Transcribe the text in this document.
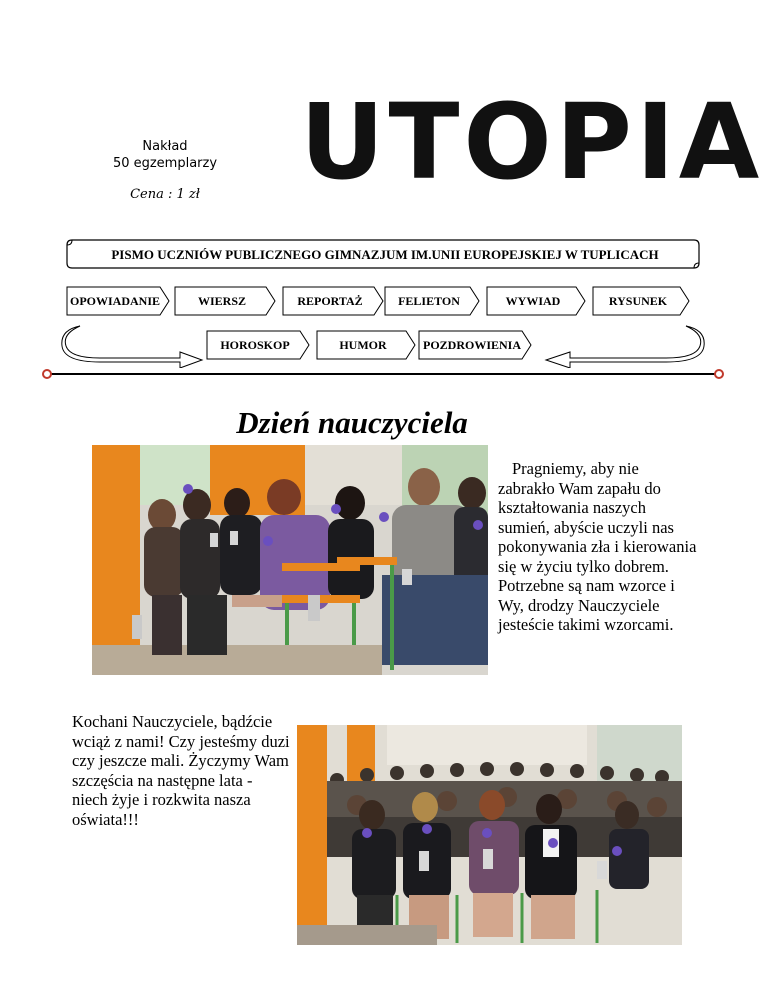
Nakład
50 egzemplarzy
Cena : 1 zł UTOPIA
PISMO UCZNIÓW PUBLICZNEGO GIMNAZJUM IM.UNII EUROPEJSKIEJ W TUPLICACH
OPOWIADANIE	WIERSZ	REPORTAŻ	FELIETON	WYWIAD	RYSUNEK
HOROSKOP	HUMOR	POZDROWIENIA
Dzień nauczyciela

Pragniemy, aby nie zabrakło Wam zapału do kształtowania naszych sumień, abyście uczyli nas pokonywania zła i kierowania się w życiu tylko dobrem. Potrzebne są nam wzorce i Wy, drodzy Nauczyciele jesteście takimi wzorcami.

Kochani Nauczyciele, bądźcie wciąż z nami! Czy jesteśmy duzi czy jeszcze mali. Życzymy Wam szczęścia na następne lata - niech żyje i rozkwita nasza oświata!!!
